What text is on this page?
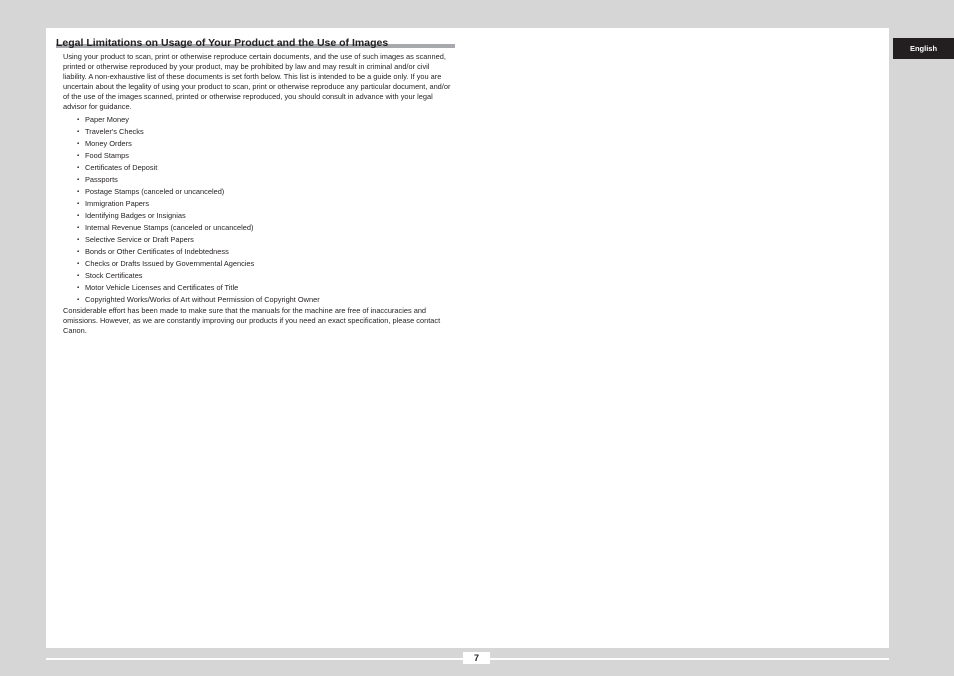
Legal Limitations on Usage of Your Product and the Use of Images

Using your product to scan, print or otherwise reproduce certain documents, and the use of such images as scanned, printed or otherwise reproduced by your product, may be prohibited by law and may result in criminal and/or civil liability. A non-exhaustive list of these documents is set forth below. This list is intended to be a guide only. If you are uncertain about the legality of using your product to scan, print or otherwise reproduce any particular document, and/or of the use of the images scanned, printed or otherwise reproduced, you should consult in advance with your legal advisor for guidance.

▪ Paper Money
▪ Traveler's Checks
▪ Money Orders
▪ Food Stamps
▪ Certificates of Deposit
▪ Passports
▪ Postage Stamps (canceled or uncanceled)
▪ Immigration Papers
▪ Identifying Badges or Insignias
▪ Internal Revenue Stamps (canceled or uncanceled)
▪ Selective Service or Draft Papers
▪ Bonds or Other Certificates of Indebtedness
▪ Checks or Drafts Issued by Governmental Agencies
▪ Stock Certificates
▪ Motor Vehicle Licenses and Certificates of Title
▪ Copyrighted Works/Works of Art without Permission of Copyright Owner

Considerable effort has been made to make sure that the manuals for the machine are free of inaccuracies and omissions. However, as we are constantly improving our products if you need an exact specification, please contact Canon.

7
English
